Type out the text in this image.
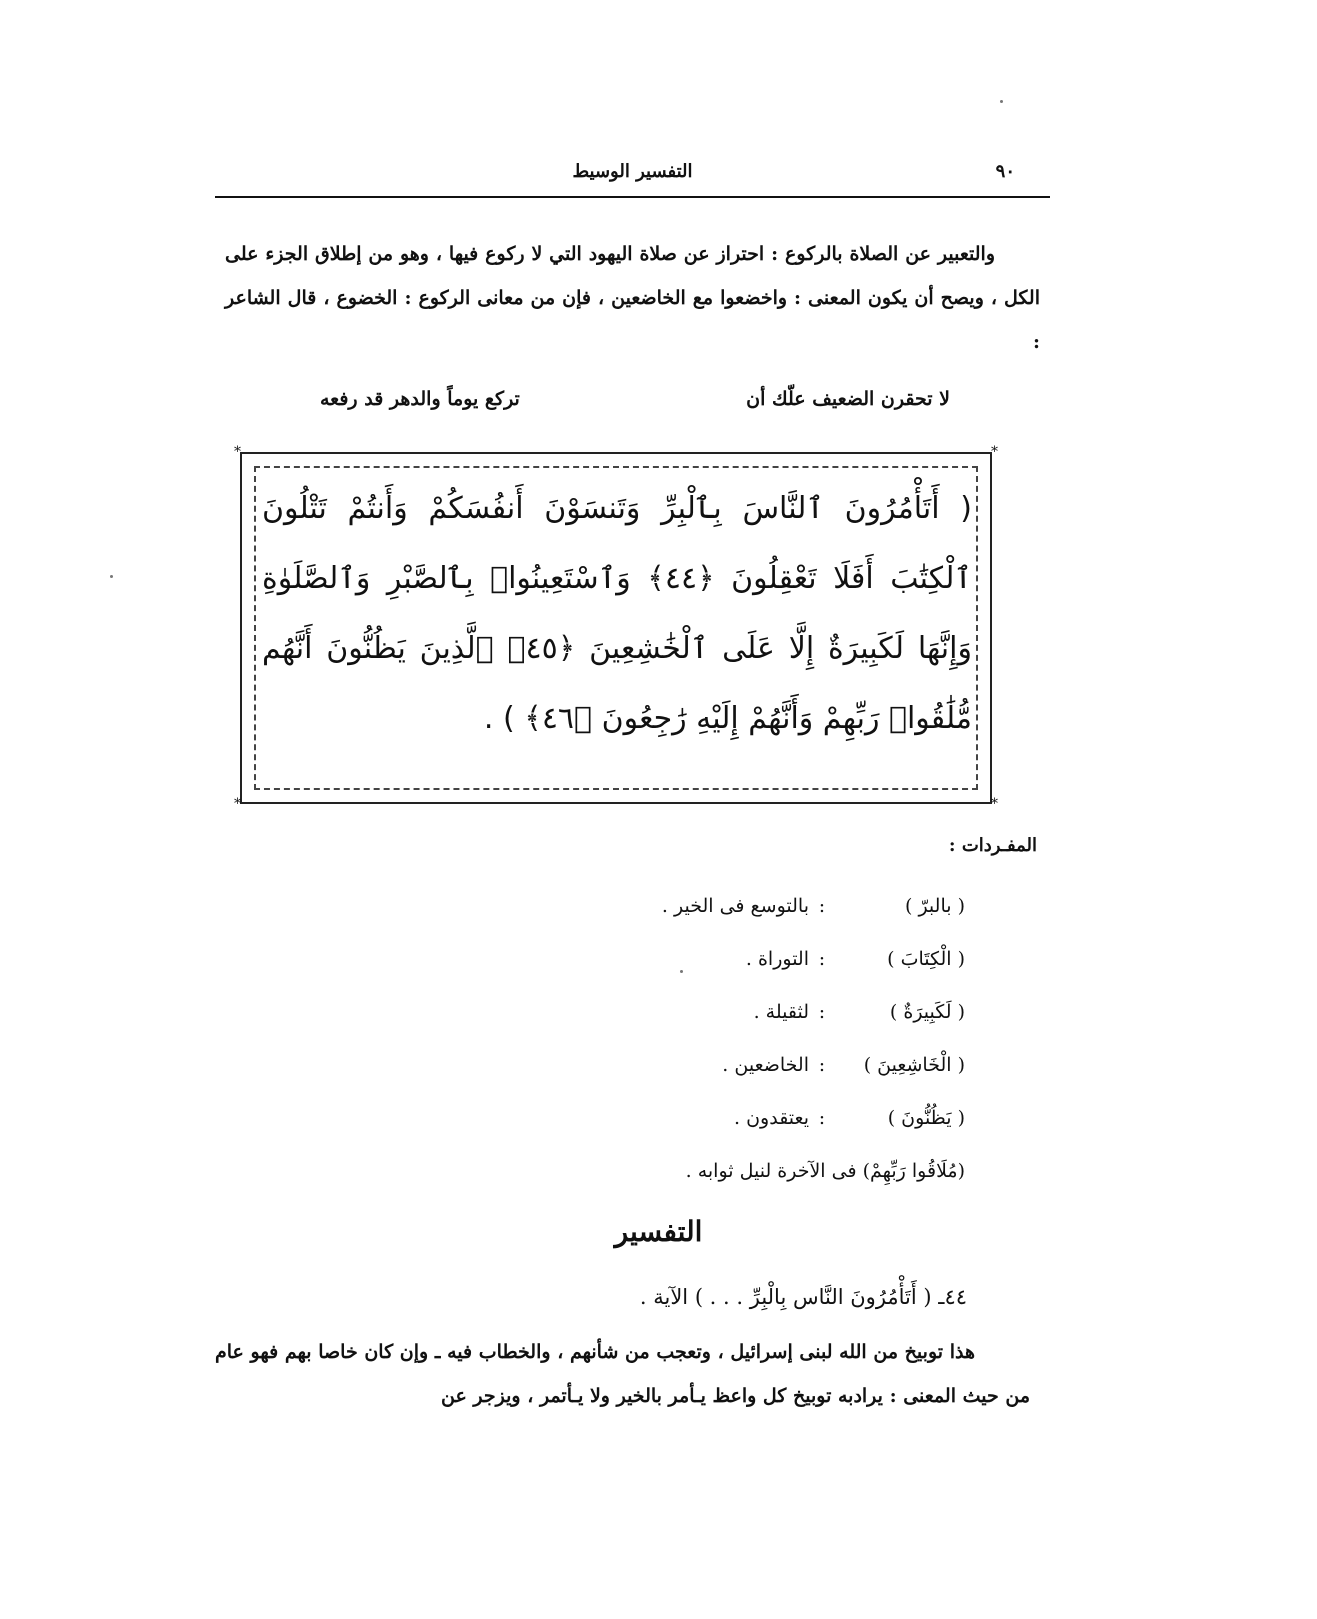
٩٠
التفسير الوسيط
والتعبير عن الصلاة بالركوع : احتراز عن صلاة اليهود التي لا ركوع فيها ، وهو من إطلاق الجزء على الكل ، ويصح أن يكون المعنى : واخضعوا مع الخاضعين ، فإن من معانى الركوع : الخضوع ، قال الشاعر :
لا تحقرن الضعيف علّك أن
تركع يوماً والدهر قد رفعه
*	*
*	*
( أَتَأْمُرُونَ ٱلنَّاسَ بِٱلْبِرِّ وَتَنسَوْنَ أَنفُسَكُمْ وَأَنتُمْ تَتْلُونَ ٱلْكِتَٰبَ أَفَلَا تَعْقِلُونَ ﴿٤٤﴾ وَٱسْتَعِينُوا۟ بِٱلصَّبْرِ وَٱلصَّلَوٰةِ وَإِنَّهَا لَكَبِيرَةٌ إِلَّا عَلَى ٱلْخَٰشِعِينَ ﴿٤٥﴾ ٱلَّذِينَ يَظُنُّونَ أَنَّهُم مُّلَٰقُوا۟ رَبِّهِمْ وَأَنَّهُمْ إِلَيْهِ رَٰجِعُونَ ﴿٤٦﴾ ) .
المفـردات :
( بالبرّ ):بالتوسع فى الخير .
( الْكِتَابَ ):التوراة .
( لَكَبِيرَةٌ ):لثقيلة .
( الْخَاشِعِينَ ):الخاضعين .
( يَظُنُّونَ ):يعتقدون .
(مُلَاقُوا رَبِّهِمْ) فى الآخرة لنيل ثوابه .
التفسير
٤٤ـ ( أَتَأْمُرُونَ النَّاس بِالْبِرِّ . . . ) الآية .
هذا توبيخ من الله لبنى إسرائيل ، وتعجب من شأنهم ، والخطاب فيه ـ وإن كان خاصا بهم فهو عام من حيث المعنى : يرادبه توبيخ كل واعظ يـأمر بالخير ولا يـأتمر ، ويزجر عن
